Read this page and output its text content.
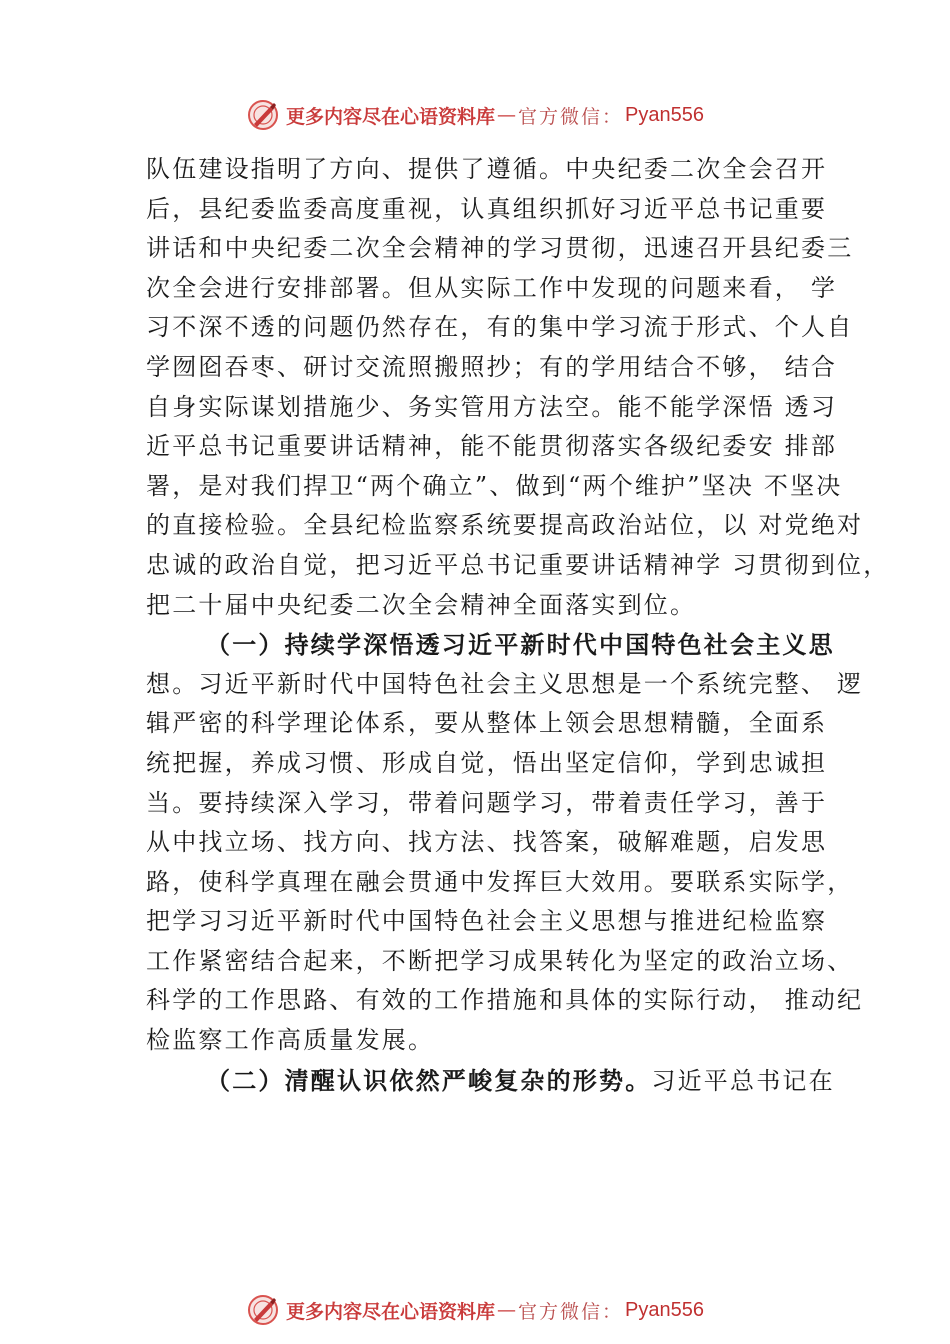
更多内容尽在心语资料库 — 官方微信： Pyan556
队伍建设指明了方向、提供了遵循。中央纪委二次全会召开
后，县纪委监委高度重视，认真组织抓好习近平总书记重要
讲话和中央纪委二次全会精神的学习贯彻，迅速召开县纪委三
次全会进行安排部署。但从实际工作中发现的问题来看， 学
习不深不透的问题仍然存在，有的集中学习流于形式、个人自
学囫囵吞枣、研讨交流照搬照抄；有的学用结合不够， 结合
自身实际谋划措施少、务实管用方法空。能不能学深悟 透习
近平总书记重要讲话精神，能不能贯彻落实各级纪委安 排部
署，是对我们捍卫“两个确立”、做到“两个维护”坚决 不坚决
的直接检验。全县纪检监察系统要提高政治站位，以 对党绝对
忠诚的政治自觉，把习近平总书记重要讲话精神学 习贯彻到位，
把二十届中央纪委二次全会精神全面落实到位。
（一）持续学深悟透习近平新时代中国特色社会主义思
想。习近平新时代中国特色社会主义思想是一个系统完整、 逻
辑严密的科学理论体系，要从整体上领会思想精髓，全面系
统把握，养成习惯、形成自觉，悟出坚定信仰，学到忠诚担
当。要持续深入学习，带着问题学习，带着责任学习，善于
从中找立场、找方向、找方法、找答案，破解难题，启发思
路，使科学真理在融会贯通中发挥巨大效用。要联系实际学，
把学习习近平新时代中国特色社会主义思想与推进纪检监察
工作紧密结合起来，不断把学习成果转化为坚定的政治立场、
科学的工作思路、有效的工作措施和具体的实际行动， 推动纪
检监察工作高质量发展。
（二）清醒认识依然严峻复杂的形势。习近平总书记在
更多内容尽在心语资料库 — 官方微信： Pyan556
